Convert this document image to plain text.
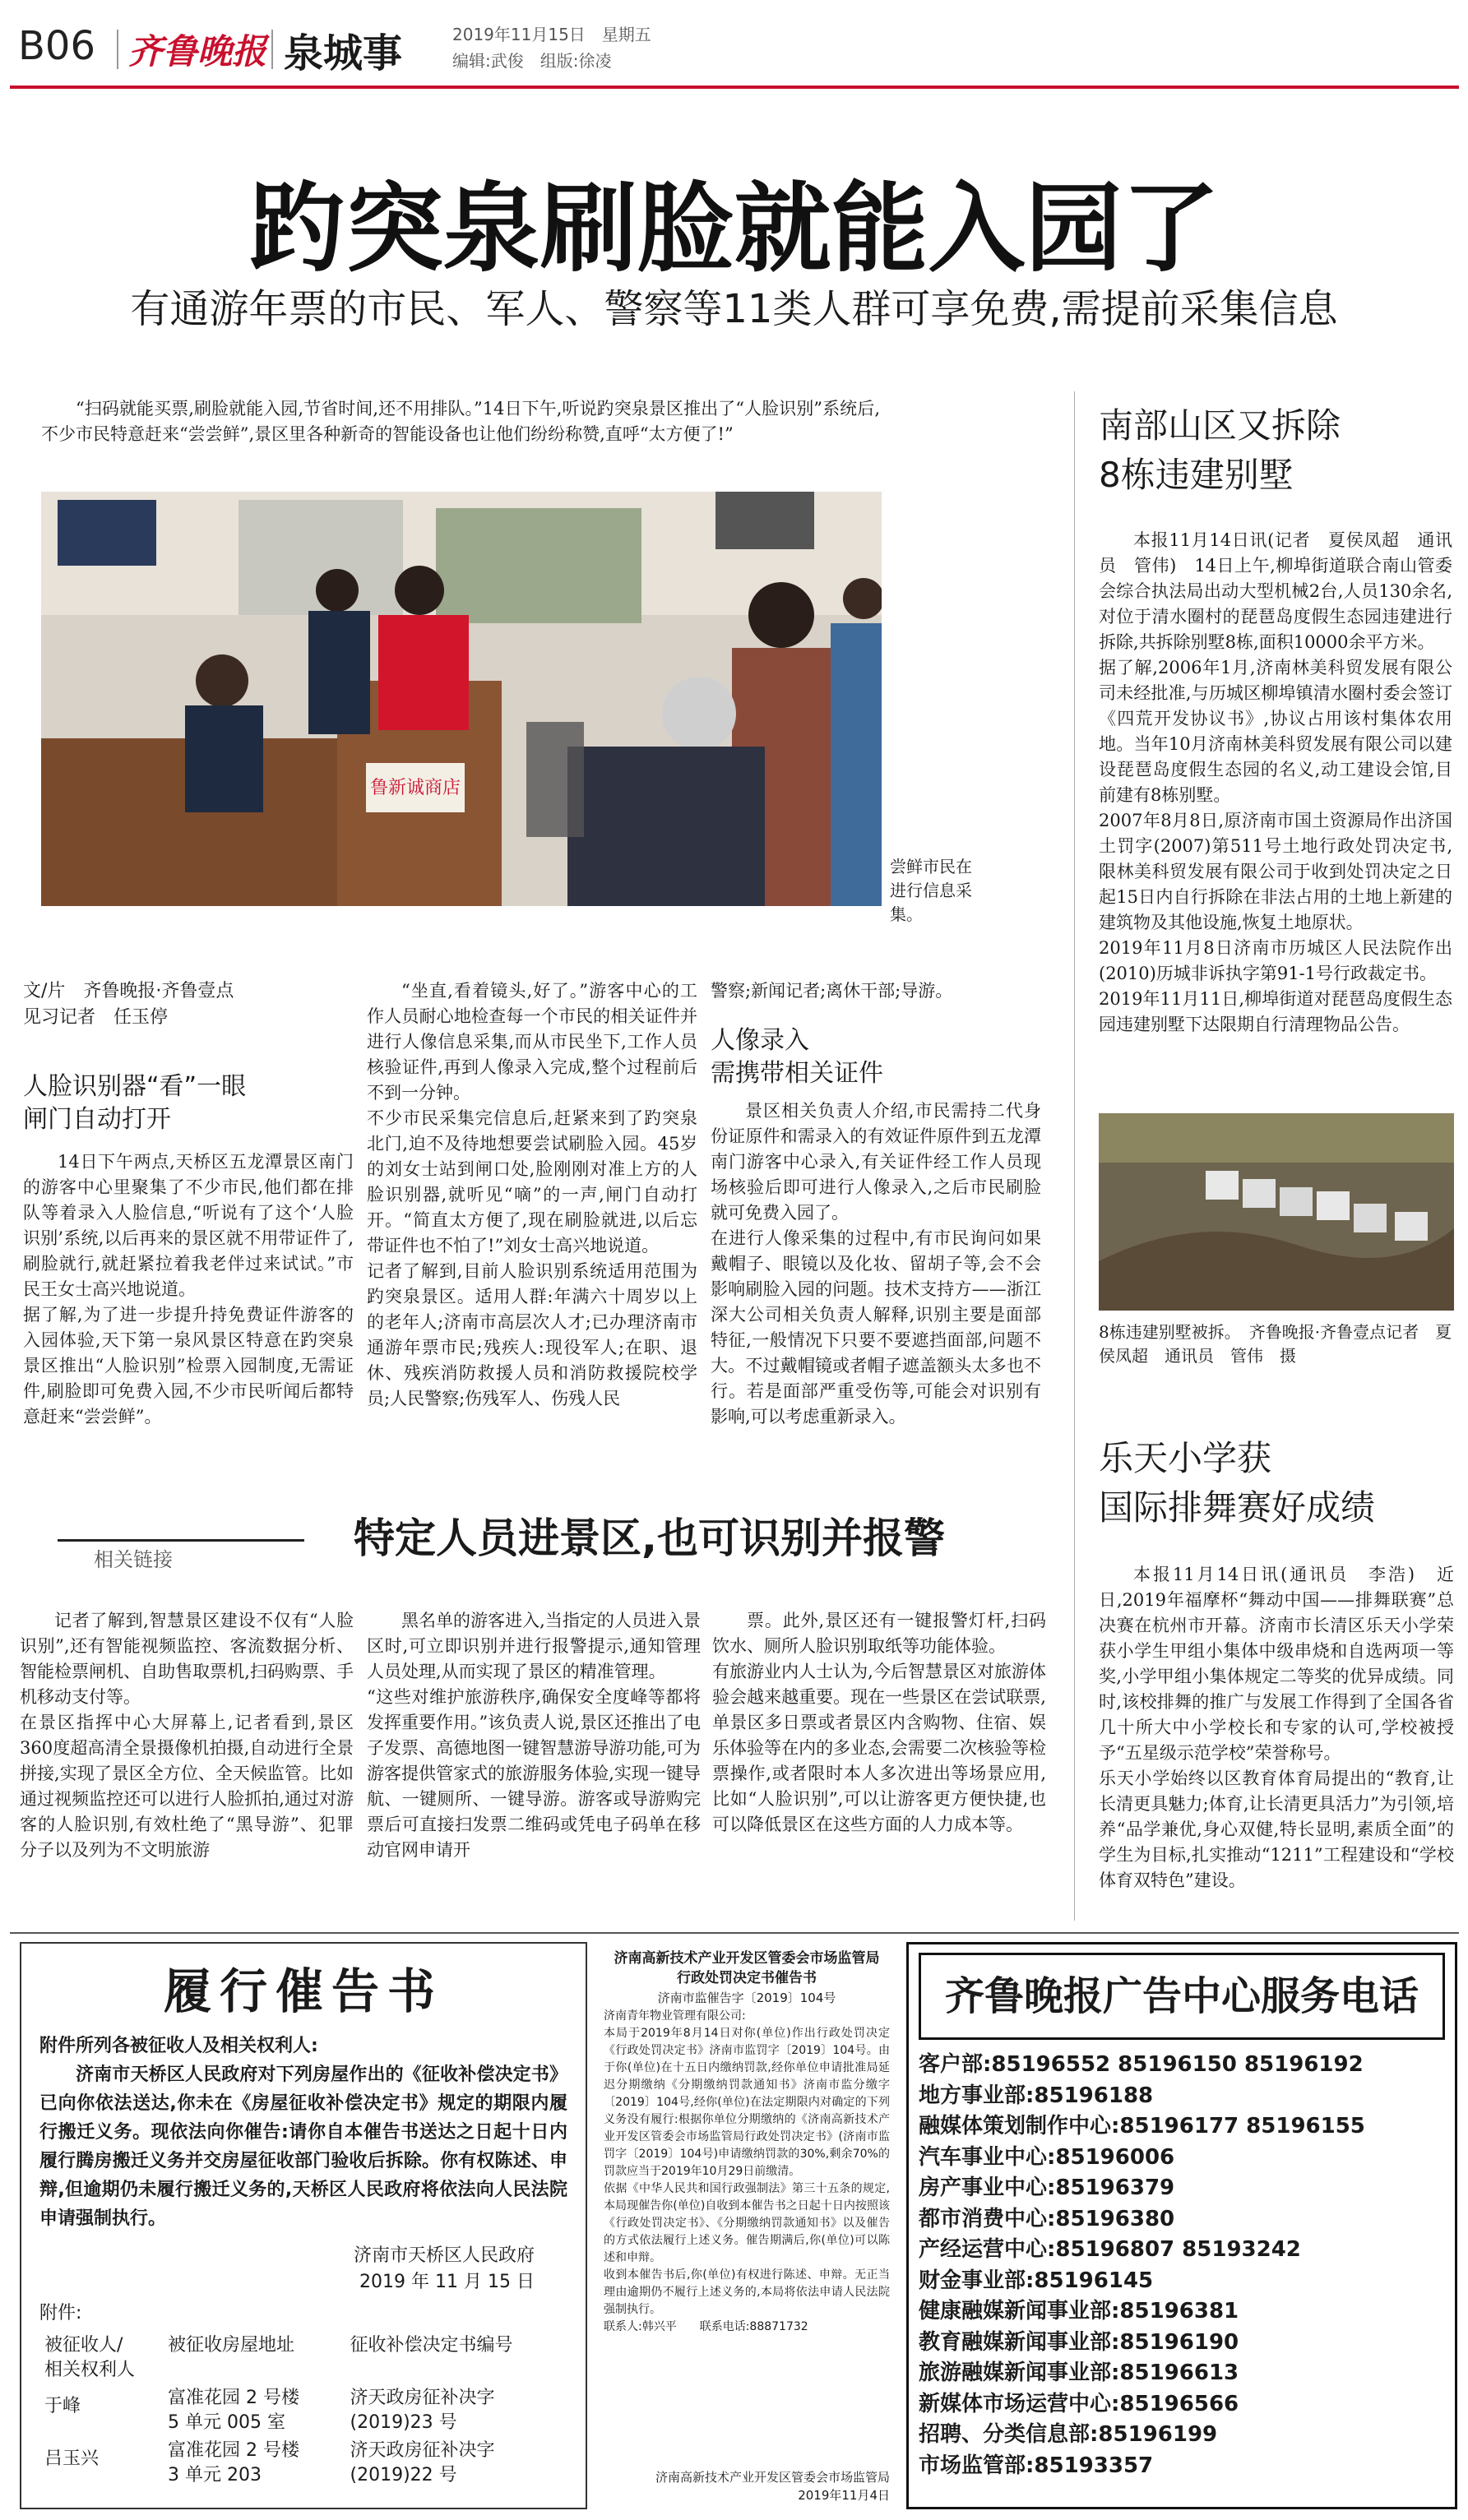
B06 齐鲁晚报 泉城事	2019年11月15日　星期五
编辑:武俊　组版:徐凌
趵突泉刷脸就能入园了
有通游年票的市民、军人、警察等11类人群可享免费,需提前采集信息
“扫码就能买票,刷脸就能入园,节省时间,还不用排队。”14日下午,听说趵突泉景区推出了“人脸识别”系统后,不少市民特意赶来“尝尝鲜”,景区里各种新奇的智能设备也让他们纷纷称赞,直呼“太方便了!”
鲁新诚商店
尝鲜市民在进行信息采集。
文/片　齐鲁晚报·齐鲁壹点
见习记者　任玉停
人脸识别器“看”一眼
闸门自动打开
14日下午两点,天桥区五龙潭景区南门的游客中心里聚集了不少市民,他们都在排队等着录入人脸信息,“听说有了这个‘人脸识别’系统,以后再来的景区就不用带证件了,刷脸就行,就赶紧拉着我老伴过来试试。”市民王女士高兴地说道。
据了解,为了进一步提升持免费证件游客的入园体验,天下第一泉风景区特意在趵突泉景区推出“人脸识别”检票入园制度,无需证件,刷脸即可免费入园,不少市民听闻后都特意赶来“尝尝鲜”。
“坐直,看着镜头,好了。”游客中心的工作人员耐心地检查每一个市民的相关证件并进行人像信息采集,而从市民坐下,工作人员核验证件,再到人像录入完成,整个过程前后不到一分钟。
不少市民采集完信息后,赶紧来到了趵突泉北门,迫不及待地想要尝试刷脸入园。45岁的刘女士站到闸口处,脸刚刚对准上方的人脸识别器,就听见“嘀”的一声,闸门自动打开。“简直太方便了,现在刷脸就进,以后忘带证件也不怕了!”刘女士高兴地说道。
记者了解到,目前人脸识别系统适用范围为趵突泉景区。适用人群:年满六十周岁以上的老年人;济南市高层次人才;已办理济南市通游年票市民;残疾人:现役军人;在职、退休、残疾消防救援人员和消防救援院校学员;人民警察;伤残军人、伤残人民
警察;新闻记者;离休干部;导游。
人像录入
需携带相关证件
景区相关负责人介绍,市民需持二代身份证原件和需录入的有效证件原件到五龙潭南门游客中心录入,有关证件经工作人员现场核验后即可进行人像录入,之后市民刷脸就可免费入园了。
在进行人像采集的过程中,有市民询问如果戴帽子、眼镜以及化妆、留胡子等,会不会影响刷脸入园的问题。技术支持方——浙江深大公司相关负责人解释,识别主要是面部特征,一般情况下只要不要遮挡面部,问题不大。不过戴帽镜或者帽子遮盖额头太多也不行。若是面部严重受伤等,可能会对识别有影响,可以考虑重新录入。
相关链接	特定人员进景区,也可识别并报警
记者了解到,智慧景区建设不仅有“人脸识别”,还有智能视频监控、客流数据分析、智能检票闸机、自助售取票机,扫码购票、手机移动支付等。
在景区指挥中心大屏幕上,记者看到,景区360度超高清全景摄像机拍摄,自动进行全景拼接,实现了景区全方位、全天候监管。比如通过视频监控还可以进行人脸抓拍,通过对游客的人脸识别,有效杜绝了“黑导游”、犯罪分子以及列为不文明旅游
黑名单的游客进入,当指定的人员进入景区时,可立即识别并进行报警提示,通知管理人员处理,从而实现了景区的精准管理。
“这些对维护旅游秩序,确保安全度峰等都将发挥重要作用。”该负责人说,景区还推出了电子发票、高德地图一键智慧游导游功能,可为游客提供管家式的旅游服务体验,实现一键导航、一键厕所、一键导游。游客或导游购完票后可直接扫发票二维码或凭电子码单在移动官网申请开
票。此外,景区还有一键报警灯杆,扫码饮水、厕所人脸识别取纸等功能体验。
有旅游业内人士认为,今后智慧景区对旅游体验会越来越重要。现在一些景区在尝试联票,单景区多日票或者景区内含购物、住宿、娱乐体验等在内的多业态,会需要二次核验等检票操作,或者限时本人多次进出等场景应用,比如“人脸识别”,可以让游客更方便快捷,也可以降低景区在这些方面的人力成本等。
南部山区又拆除
8栋违建别墅
本报11月14日讯(记者　夏侯凤超　通讯员　管伟)　14日上午,柳埠街道联合南山管委会综合执法局出动大型机械2台,人员130余名,对位于清水圈村的琵琶岛度假生态园违建进行拆除,共拆除别墅8栋,面积10000余平方米。
据了解,2006年1月,济南林美科贸发展有限公司未经批准,与历城区柳埠镇清水圈村委会签订《四荒开发协议书》,协议占用该村集体农用地。当年10月济南林美科贸发展有限公司以建设琵琶岛度假生态园的名义,动工建设会馆,目前建有8栋别墅。
2007年8月8日,原济南市国土资源局作出济国土罚字(2007)第511号土地行政处罚决定书,限林美科贸发展有限公司于收到处罚决定之日起15日内自行拆除在非法占用的土地上新建的建筑物及其他设施,恢复土地原状。
2019年11月8日济南市历城区人民法院作出(2010)历城非诉执字第91-1号行政裁定书。
2019年11月11日,柳埠街道对琵琶岛度假生态园违建别墅下达限期自行清理物品公告。
8栋违建别墅被拆。　齐鲁晚报·齐鲁壹点记者　夏侯凤超　通讯员　管伟　摄
乐天小学获
国际排舞赛好成绩
本报11月14日讯(通讯员　李浩)　近日,2019年福摩杯“舞动中国——排舞联赛”总决赛在杭州市开幕。济南市长清区乐天小学荣获小学生甲组小集体中级串烧和自选两项一等奖,小学甲组小集体规定二等奖的优异成绩。同时,该校排舞的推广与发展工作得到了全国各省几十所大中小学校长和专家的认可,学校被授予“五星级示范学校”荣誉称号。
乐天小学始终以区教育体育局提出的“教育,让长清更具魅力;体育,让长清更具活力”为引领,培养“品学兼优,身心双健,特长显明,素质全面”的学生为目标,扎实推动“1211”工程建设和“学校体育双特色”建设。
履行催告书
附件所列各被征收人及相关权利人:
济南市天桥区人民政府对下列房屋作出的《征收补偿决定书》已向你依法送达,你未在《房屋征收补偿决定书》规定的期限内履行搬迁义务。现依法向你催告:请你自本催告书送达之日起十日内履行腾房搬迁义务并交房屋征收部门验收后拆除。你有权陈述、申辩,但逾期仍未履行搬迁义务的,天桥区人民政府将依法向人民法院申请强制执行。
济南市天桥区人民政府
2019 年 11 月 15 日
附件:
被征收人/
相关权利人	被征收房屋地址	征收补偿决定书编号
于峰	富准花园 2 号楼
5 单元 005 室	济天政房征补决字
(2019)23 号
吕玉兴	富准花园 2 号楼
3 单元 203	济天政房征补决字
(2019)22 号
济南高新技术产业开发区管委会市场监管局
行政处罚决定书催告书
济南市监催告字〔2019〕104号
济南青年物业管理有限公司:
本局于2019年8月14日对你(单位)作出行政处罚决定《行政处罚决定书》济南市监罚字〔2019〕104号。由于你(单位)在十五日内缴纳罚款,经你单位申请批准局延迟分期缴纳《分期缴纳罚款通知书》济南市监分缴字〔2019〕104号,经你(单位)在法定期限内对确定的下列义务没有履行:根据你单位分期缴纳的《济南高新技术产业开发区管委会市场监管局行政处罚决定书》(济南市监罚字〔2019〕104号)申请缴纳罚款的30%,剩余70%的罚款应当于2019年10月29日前缴清。
依据《中华人民共和国行政强制法》第三十五条的规定,本局现催告你(单位)自收到本催告书之日起十日内按照该《行政处罚决定书》、《分期缴纳罚款通知书》以及催告的方式依法履行上述义务。催告期满后,你(单位)可以陈述和申辩。
收到本催告书后,你(单位)有权进行陈述、申辩。无正当理由逾期仍不履行上述义务的,本局将依法申请人民法院强制执行。
联系人:韩兴平　　联系电话:88871732
济南高新技术产业开发区管委会市场监管局
2019年11月4日
齐鲁晚报广告中心服务电话
客户部:85196552 85196150 85196192
地方事业部:85196188
融媒体策划制作中心:85196177 85196155
汽车事业中心:85196006
房产事业中心:85196379
都市消费中心:85196380
产经运营中心:85196807 85193242
财金事业部:85196145
健康融媒新闻事业部:85196381
教育融媒新闻事业部:85196190
旅游融媒新闻事业部:85196613
新媒体市场运营中心:85196566
招聘、分类信息部:85196199
市场监管部:85193357
